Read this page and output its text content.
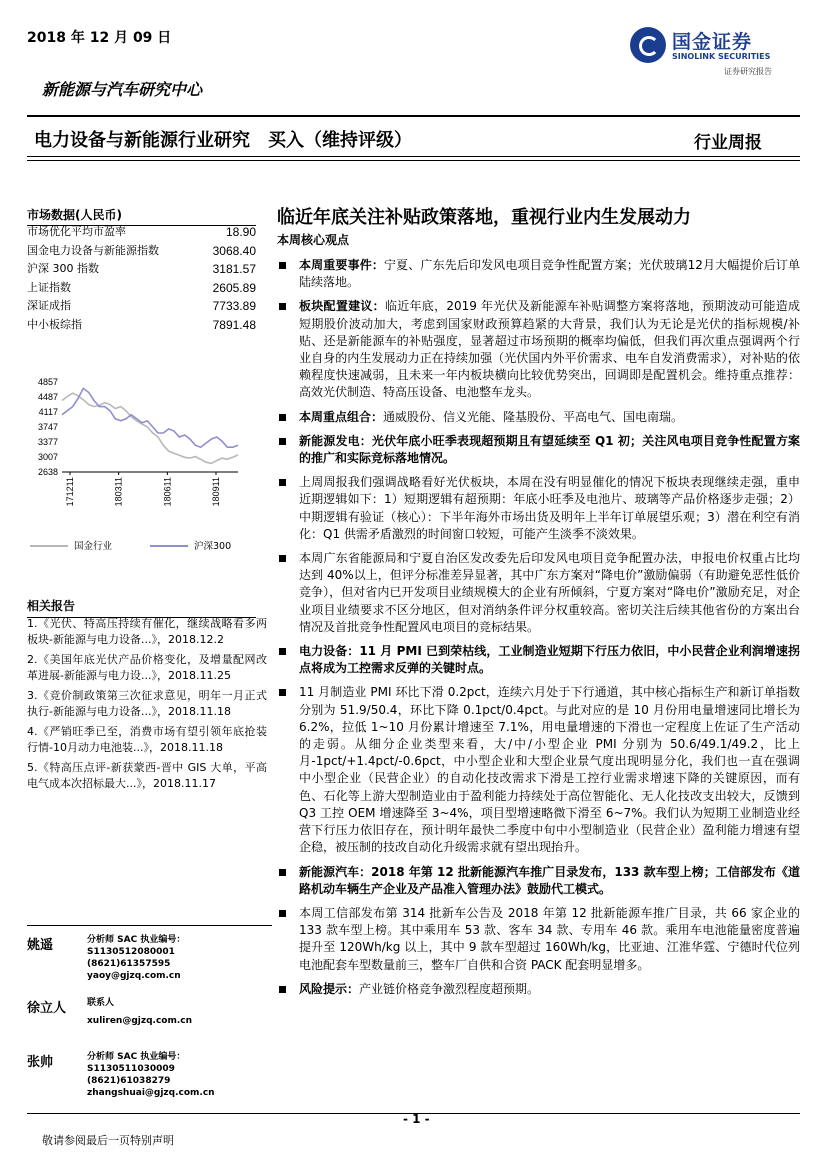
2018 年 12 月 09 日	国金证券
SINOLINK SECURITIES
证券研究报告
新能源与汽车研究中心
电力设备与新能源行业研究　买入（维持评级）	行业周报
市场数据(人民币)
市场优化平均市盈率	18.90
国金电力设备与新能源指数	3068.40
沪深 300 指数	3181.57
上证指数	2605.89
深证成指	7733.89
中小板综指	7891.48
4857
4487
4117
3747
3377
3007
2638
171211	180311	180611	180911
国金行业	沪深300
相关报告
1.《光伏、特高压持续有催化，继续战略看多两板块-新能源与电力设备...》，2018.12.2
2.《美国年底光伏产品价格变化，及增量配网改革进展-新能源与电力设...》，2018.11.25
3.《竞价制政策第三次征求意见，明年一月正式执行-新能源与电力设备...》，2018.11.18
4.《严销旺季已至，消费市场有望引领年底抢装行情-10月动力电池装...》，2018.11.18
5.《特高压点评-新获蒙西-晋中 GIS 大单，平高电气成本次招标最大...》，2018.11.17
姚遥	分析师 SAC 执业编号：S1130512080001
(8621)61357595
yaoy@gjzq.com.cn
徐立人	联系人
xuliren@gjzq.com.cn
张帅	分析师 SAC 执业编号：S1130511030009
(8621)61038279
zhangshuai@gjzq.com.cn
临近年底关注补贴政策落地，重视行业内生发展动力
本周核心观点
本周重要事件：宁夏、广东先后印发风电项目竞争性配置方案；光伏玻璃12月大幅提价后订单陆续落地。
板块配置建议：临近年底，2019 年光伏及新能源车补贴调整方案将落地，预期波动可能造成短期股价波动加大，考虑到国家财政预算趋紧的大背景，我们认为无论是光伏的指标规模/补贴、还是新能源车的补贴强度，显著超过市场预期的概率均偏低，但我们再次重点强调两个行业自身的内生发展动力正在持续加强（光伏国内外平价需求、电车自发消费需求），对补贴的依赖程度快速减弱，且未来一年内板块横向比较优势突出，回调即是配置机会。维持重点推荐：高效光伏制造、特高压设备、电池整车龙头。
本周重点组合：通威股份、信义光能、隆基股份、平高电气、国电南瑞。
新能源发电：光伏年底小旺季表现超预期且有望延续至 Q1 初；关注风电项目竞争性配置方案的推广和实际竞标落地情况。
上周周报我们强调战略看好光伏板块，本周在没有明显催化的情况下板块表现继续走强，重申近期逻辑如下：1）短期逻辑有超预期：年底小旺季及电池片、玻璃等产品价格逐步走强；2）中期逻辑有验证（核心）：下半年海外市场出货及明年上半年订单展望乐观；3）潜在利空有消化：Q1 供需矛盾激烈的时间窗口较短，可能产生淡季不淡效果。
本周广东省能源局和宁夏自治区发改委先后印发风电项目竞争配置办法，申报电价权重占比均达到 40%以上，但评分标准差异显著，其中广东方案对“降电价”激励偏弱（有助避免恶性低价竞争），但对省内已开发项目业绩规模大的企业有所倾斜，宁夏方案对“降电价”激励充足，对企业项目业绩要求不区分地区，但对消纳条件评分权重较高。密切关注后续其他省份的方案出台情况及首批竞争性配置风电项目的竞标结果。
电力设备：11 月 PMI 已到荣枯线，工业制造业短期下行压力依旧，中小民营企业利润增速拐点将成为工控需求反弹的关键时点。
11 月制造业 PMI 环比下滑 0.2pct，连续六月处于下行通道，其中核心指标生产和新订单指数分别为 51.9/50.4，环比下降 0.1pct/0.4pct。与此对应的是 10 月份用电量增速同比增长为 6.2%，拉低 1~10 月份累计增速至 7.1%，用电量增速的下滑也一定程度上佐证了生产活动的走弱。从细分企业类型来看，大/中/小型企业 PMI 分别为 50.6/49.1/49.2，比上月-1pct/+1.4pct/-0.6pct，中小型企业和大型企业景气度出现明显分化，我们也一直在强调中小型企业（民营企业）的自动化技改需求下滑是工控行业需求增速下降的关键原因，而有色、石化等上游大型制造业由于盈利能力持续处于高位智能化、无人化技改支出较大，反馈到 Q3 工控 OEM 增速降至 3~4%，项目型增速略微下滑至 6~7%。我们认为短期工业制造业经营下行压力依旧存在，预计明年最快二季度中旬中小型制造业（民营企业）盈利能力增速有望企稳，被压制的技改自动化升级需求就有望出现抬升。
新能源汽车：2018 年第 12 批新能源汽车推广目录发布，133 款车型上榜；工信部发布《道路机动车辆生产企业及产品准入管理办法》鼓励代工模式。
本周工信部发布第 314 批新车公告及 2018 年第 12 批新能源车推广目录，共 66 家企业的 133 款车型上榜。其中乘用车 53 款、客车 34 款、专用车 46 款。乘用车电池能量密度普遍提升至 120Wh/kg 以上，其中 9 款车型超过 160Wh/kg，比亚迪、江淮华霆、宁德时代位列电池配套车型数量前三，整车厂自供和合资 PACK 配套明显增多。
风险提示：产业链价格竞争激烈程度超预期。
- 1 -
敬请参阅最后一页特别声明
